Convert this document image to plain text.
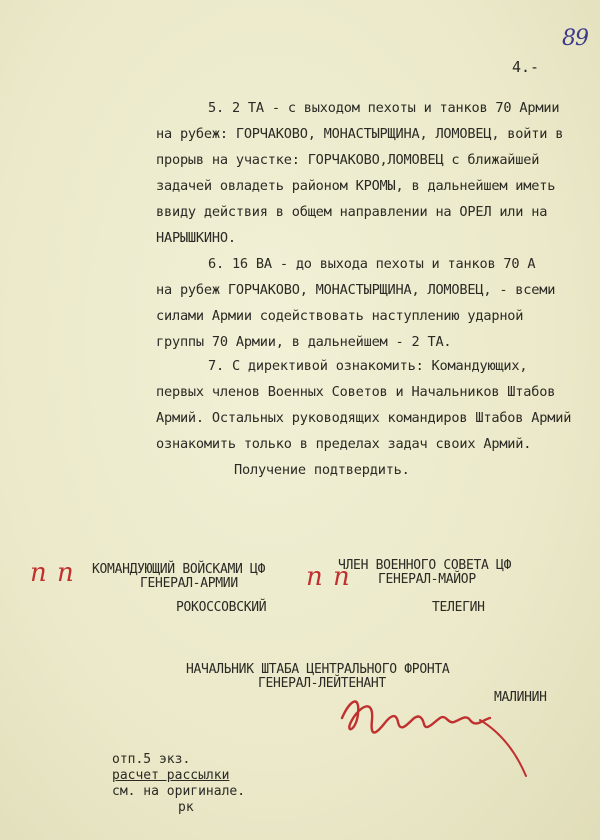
89
4.-
5. 2 ТА - с выходом пехоты и танков 70 Армии
на рубеж: ГОРЧАКОВО, МОНАСТЫРЩИНА, ЛОМОВЕЦ, войти в
прорыв на участке: ГОРЧАКОВО,ЛОМОВЕЦ с ближайшей
задачей овладеть районом КРОМЫ, в дальнейшем иметь
ввиду действия в общем направлении на ОРЕЛ или на
НАРЫШКИНО.
6. 16 ВА - до выхода пехоты и танков 70 А
на рубеж ГОРЧАКОВО, МОНАСТЫРЩИНА, ЛОМОВЕЦ, - всеми
силами Армии содействовать наступлению ударной
группы 70 Армии, в дальнейшем - 2 ТА.
7. С директивой ознакомить: Командующих,
первых членов Военных Советов и Начальников Штабов
Армий. Остальных руководящих командиров Штабов Армий
ознакомить только в пределах задач своих Армий.
Получение подтвердить.
п п КОМАНДУЮЩИЙ ВОЙСКАМИ ЦФ
ГЕНЕРАЛ-АРМИИ
РОКОССОВСКИЙ
п п
ЧЛЕН ВОЕННОГО СОВЕТА ЦФ
ГЕНЕРАЛ-МАЙОР
ТЕЛЕГИН
НАЧАЛЬНИК ШТАБА ЦЕНТРАЛЬНОГО ФРОНТА
ГЕНЕРАЛ-ЛЕЙТЕНАНТ
МАЛИНИН
отп.5 экз.
расчет рассылки
см. на оригинале.
рк
